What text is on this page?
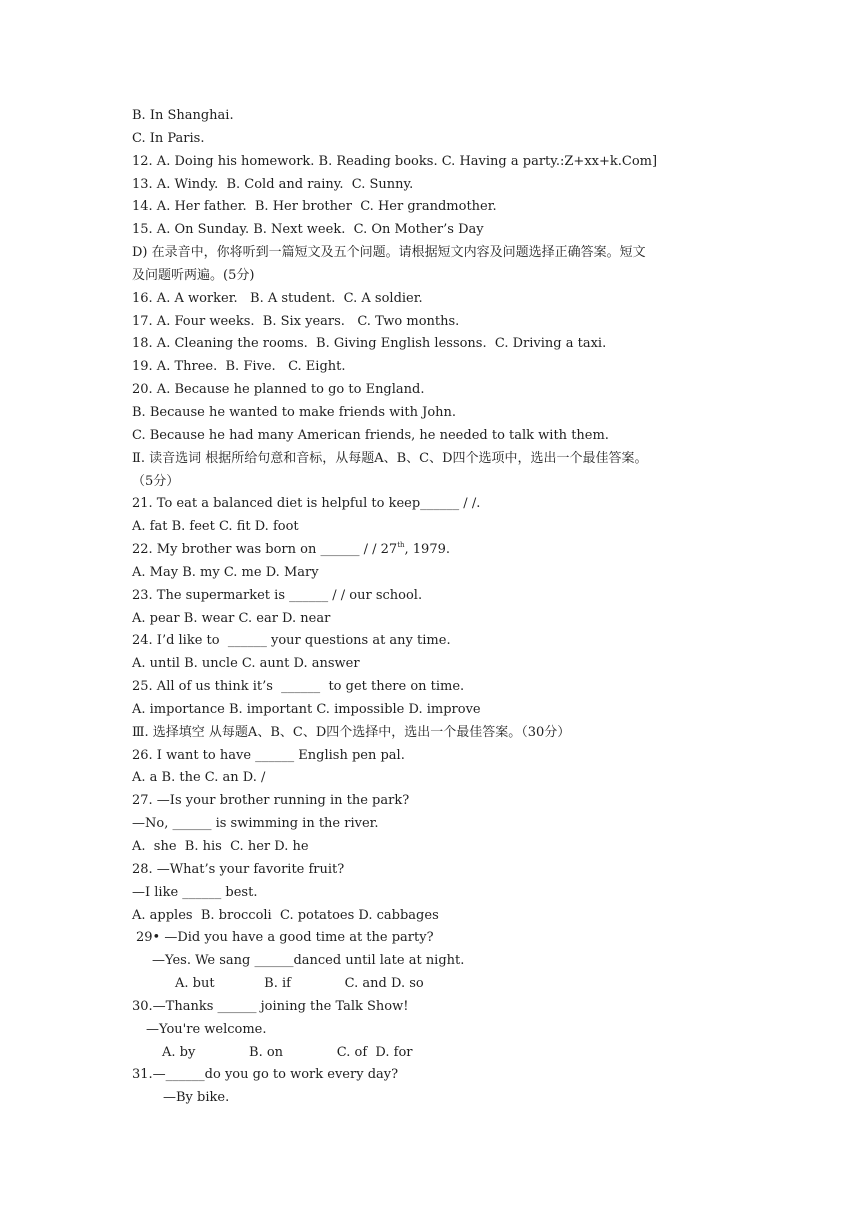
B. In Shanghai.
C. In Paris.
12. A. Doing his homework. B. Reading books. C. Having a party.:Z+xx+k.Com]
13. A. Windy.  B. Cold and rainy.  C. Sunny.
14. A. Her father.  B. Her brother  C. Her grandmother.
15. A. On Sunday. B. Next week.  C. On Mother’s Day
D) 在录音中，你将听到一篇短文及五个问题。请根据短文内容及问题选择正确答案。短文
及问题听两遍。(5分)
16. A. A worker.   B. A student.  C. A soldier.
17. A. Four weeks.  B. Six years.   C. Two months.
18. A. Cleaning the rooms.  B. Giving English lessons.  C. Driving a taxi.
19. A. Three.  B. Five.   C. Eight.
20. A. Because he planned to go to England.
B. Because he wanted to make friends with John.
C. Because he had many American friends, he needed to talk with them.
Ⅱ. 读音选词 根据所给句意和音标，从每题A、B、C、D四个选项中，选出一个最佳答案。
（5分）
21. To eat a balanced diet is helpful to keep______ / /.
A. fat B. feet C. fit D. foot
22. My brother was born on ______ / / 27th, 1979.
A. May B. my C. me D. Mary
23. The supermarket is ______ / / our school.
A. pear B. wear C. ear D. near
24. I’d like to  ______ your questions at any time.
A. until B. uncle C. aunt D. answer
25. All of us think it’s  ______  to get there on time.
A. importance B. important C. impossible D. improve
Ⅲ. 选择填空 从每题A、B、C、D四个选择中，选出一个最佳答案。（30分）
26. I want to have ______ English pen pal.
A. a B. the C. an D. /
27. —Is your brother running in the park?
—No, ______ is swimming in the river.
A.  she  B. his  C. her D. he
28. —What’s your favorite fruit?
—I like ______ best.
A. apples  B. broccoli  C. potatoes D. cabbages
29• —Did you have a good time at the party?
—Yes. We sang ______danced until late at night.
A. but            B. if             C. and D. so
30.—Thanks ______ joining the Talk Show!
—You're welcome.
A. by             B. on             C. of  D. for
31.—______do you go to work every day?
—By bike.
